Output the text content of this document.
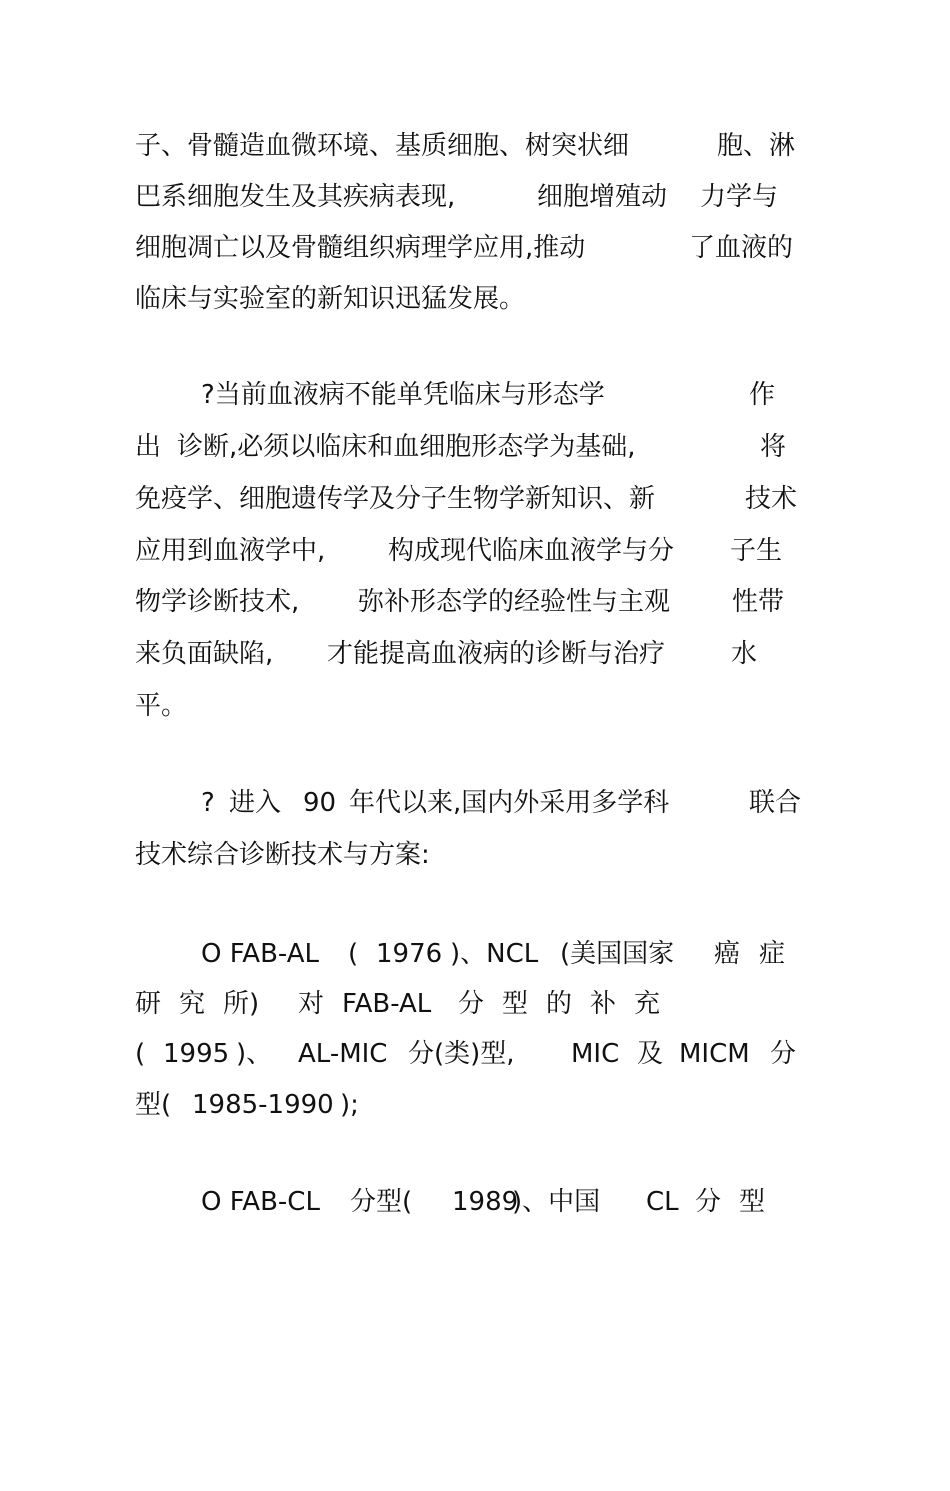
子、骨髓造血微环境、基质细胞、树突状细

	胞、淋

巴系细胞发生及其疾病表现,

	细胞增殖动

力学与

细胞凋亡以及骨髓组织病理学应用,推动

	了血液的

临床与实验室的新知识迅猛发展。

?当前血液病不能单凭临床与形态学

	作

出

诊断,必须以临床和血细胞形态学为基础,

	将

免疫学、细胞遗传学及分子生物学新知识、新

	技术

应用到血液学中,

构成现代临床血液学与分

子生

物学诊断技术,

弥补形态学的经验性与主观

性带

来负面缺陷,

才能提高血液病的诊断与治疗

	水

平。

?

进入

90

年代以来,国内外采用多学科

	联合

技术综合诊断技术与方案:

O FAB-AL

(

1976

)、NCL

(美国国家

癌

症

研

究

所)

对

FAB-AL

分

型

的

补

充

(

1995

)、

AL-MIC

分(类)型,

MIC

及

MICM

分

型(

1985-1990

);

O FAB-CL

分型(

1989

)、中国

CL

分

型
